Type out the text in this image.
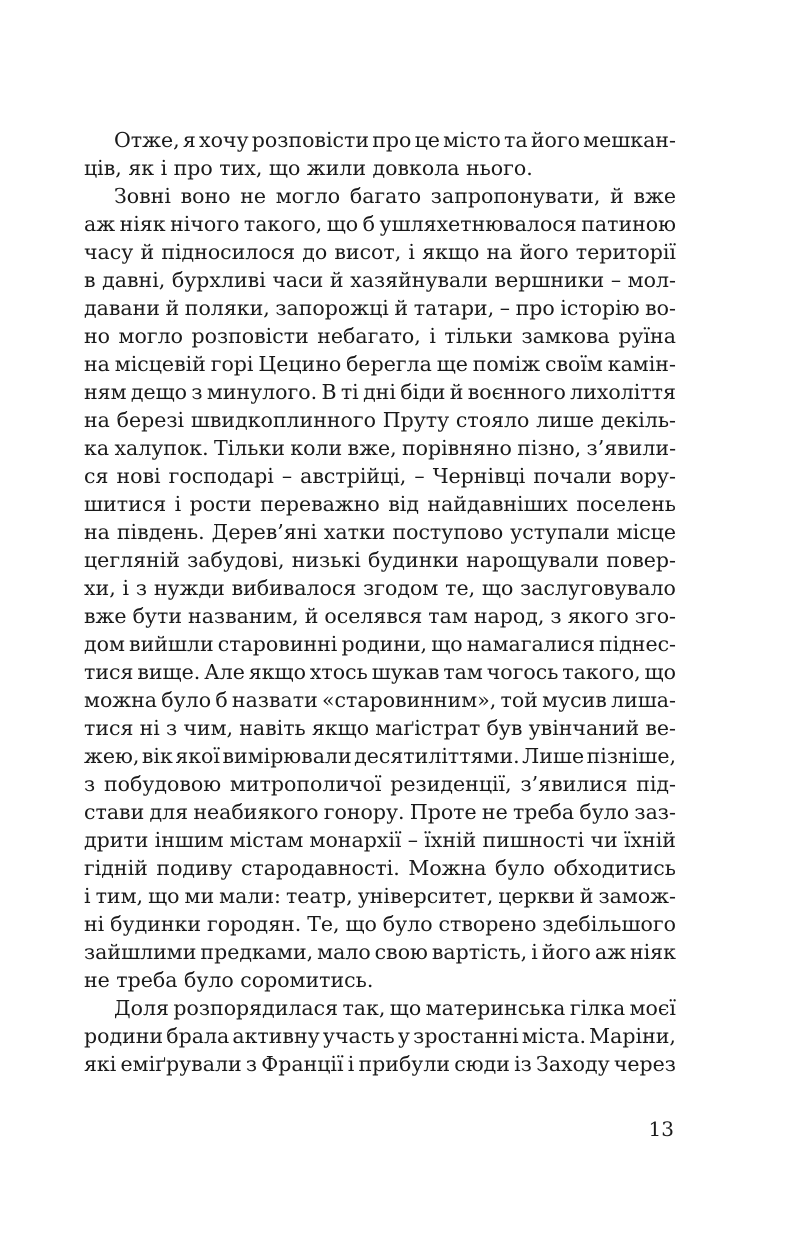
Отже, я хочу розповісти про це місто та його мешкан-
ців, як і про тих, що жили довкола нього.
Зовні воно не могло багато запропонувати, й вже
аж ніяк нічого такого, що б ушляхетнювалося патиною
часу й підносилося до висот, і якщо на його території
в давні, бурхливі часи й хазяйнували вершники – мол-
давани й поляки, запорожці й татари, – про історію во-
но могло розповісти небагато, і тільки замкова руїна
на місцевій горі Цецино берегла ще поміж своїм камін-
ням дещо з минулого. В ті дні біди й воєнного лихоліття
на березі швидкоплинного Пруту стояло лише декіль-
ка халупок. Тільки коли вже, порівняно пізно, з’явили-
ся нові господарі – австрійці, – Чернівці почали вору-
шитися і рости переважно від найдавніших поселень
на південь. Дерев’яні хатки поступово уступали місце
цегляній забудові, низькі будинки нарощували повер-
хи, і з нужди вибивалося згодом те, що заслуговувало
вже бути названим, й оселявся там народ, з якого зго-
дом вийшли старовинні родини, що намагалися піднес-
тися вище. Але якщо хтось шукав там чогось такого, що
можна було б назвати «старовинним», той мусив лиша-
тися ні з чим, навіть якщо маґістрат був увінчаний ве-
жею, вік якої вимірювали десятиліттями. Лише пізніше,
з побудовою митрополичої резиденції, з’явилися під-
стави для неабиякого гонору. Проте не треба було заз-
дрити іншим містам монархії – їхній пишності чи їхній
гідній подиву стародавності. Можна було обходитись
і тим, що ми мали: театр, університет, церкви й замож-
ні будинки городян. Те, що було створено здебільшого
зайшлими предками, мало свою вартість, і його аж ніяк
не треба було соромитись.
Доля розпорядилася так, що материнська гілка моєї
родини брала активну участь у зростанні міста. Маріни,
які еміґрували з Франції і прибули сюди із Заходу через
13
